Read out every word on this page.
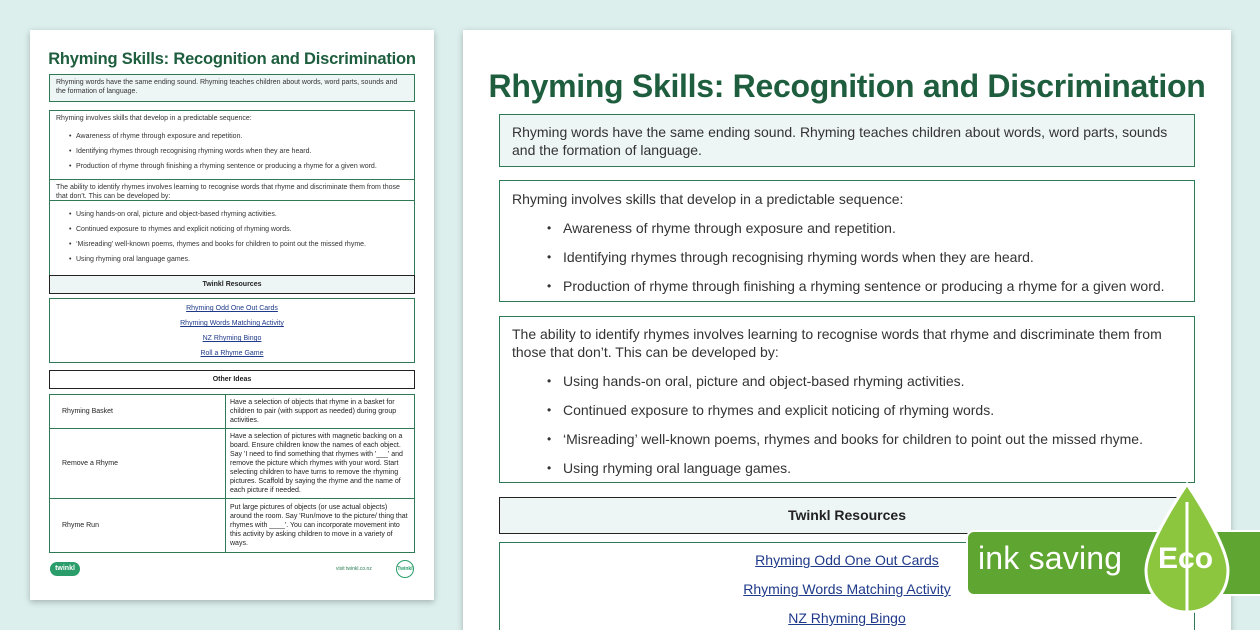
Rhyming Skills: Recognition and Discrimination
Rhyming words have the same ending sound. Rhyming teaches children about words, word parts, sounds and the formation of language.
Rhyming involves skills that develop in a predictable sequence:
• Awareness of rhyme through exposure and repetition.
• Identifying rhymes through recognising rhyming words when they are heard.
• Production of rhyme through finishing a rhyming sentence or producing a rhyme for a given word.
The ability to identify rhymes involves learning to recognise words that rhyme and discriminate them from those that don’t. This can be developed by:
• Using hands-on oral, picture and object-based rhyming activities.
• Continued exposure to rhymes and explicit noticing of rhyming words.
• ‘Misreading’ well-known poems, rhymes and books for children to point out the missed rhyme.
• Using rhyming oral language games.
Twinkl Resources
Rhyming Odd One Out Cards
Rhyming Words Matching Activity
NZ Rhyming Bingo
Roll a Rhyme Game
Other Ideas
Rhyming Basket	Have a selection of objects that rhyme in a basket for children to pair (with support as needed) during group activities.
Remove a Rhyme	Have a selection of pictures with magnetic backing on a board. Ensure children know the names of each object. Say 'I need to find something that rhymes with '___' and remove the picture which rhymes with your word. Start selecting children to have turns to remove the rhyming pictures. Scaffold by saying the rhyme and the name of each picture if needed.
Rhyme Run	Put large pictures of objects (or use actual objects) around the room. Say 'Run/move to the picture/ thing that rhymes with ____'. You can incorporate movement into this activity by asking children to move in a variety of ways.
twinkl	visit twinkl.co.nz	Twinkl
Rhyming Skills: Recognition and Discrimination
Rhyming words have the same ending sound. Rhyming teaches children about words, word parts, sounds and the formation of language.
Rhyming involves skills that develop in a predictable sequence:
• Awareness of rhyme through exposure and repetition.
• Identifying rhymes through recognising rhyming words when they are heard.
• Production of rhyme through finishing a rhyming sentence or producing a rhyme for a given word.
The ability to identify rhymes involves learning to recognise words that rhyme and discriminate them from those that don’t. This can be developed by:
• Using hands-on oral, picture and object-based rhyming activities.
• Continued exposure to rhymes and explicit noticing of rhyming words.
• ‘Misreading’ well-known poems, rhymes and books for children to point out the missed rhyme.
• Using rhyming oral language games.
Twinkl Resources
Rhyming Odd One Out Cards
Rhyming Words Matching Activity
NZ Rhyming Bingo
ink saving Eco
